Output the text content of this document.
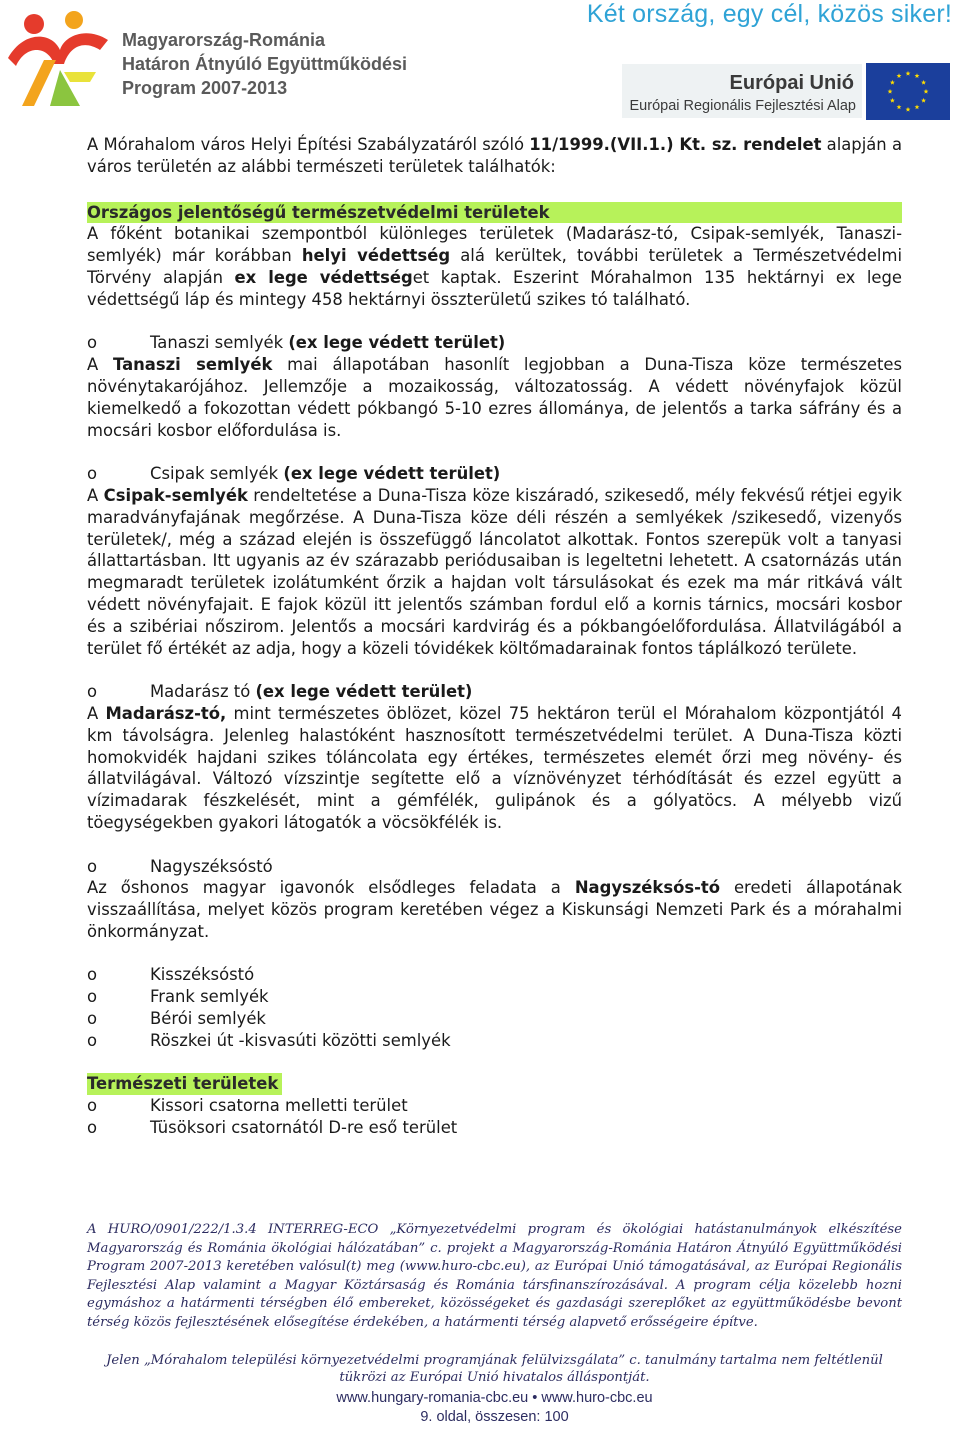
Két ország, egy cél, közös siker!
Magyarország-Románia
Határon Átnyúló Együttműködési
Program 2007-2013	Európai Unió
Európai Regionális Fejlesztési Alap

A Mórahalom város Helyi Építési Szabályzatáról szóló 11/1999.(VII.1.) Kt. sz. rendelet alapján a város területén az alábbi természeti területek találhatók:

Országos jelentőségű természetvédelmi területek

A főként botanikai szempontból különleges területek (Madarász-tó, Csipak-semlyék, Tanaszi-semlyék) már korábban helyi védettség alá kerültek, további területek a Természetvédelmi Törvény alapján ex lege védettséget kaptak. Eszerint Mórahalmon 135 hektárnyi ex lege védettségű láp és mintegy 458 hektárnyi összterületű szikes tó található.

o	Tanaszi semlyék (ex lege védett terület)

A Tanaszi semlyék mai állapotában hasonlít legjobban a Duna-Tisza köze természetes növénytakarójához. Jellemzője a mozaikosság, változatosság. A védett növényfajok közül kiemelkedő a fokozottan védett pókbangó 5-10 ezres állománya, de jelentős a tarka sáfrány és a mocsári kosbor előfordulása is.

o	Csipak semlyék (ex lege védett terület)

A Csipak-semlyék rendeltetése a Duna-Tisza köze kiszáradó, szikesedő, mély fekvésű rétjei egyik maradványfajának megőrzése. A Duna-Tisza köze déli részén a semlyékek /szikesedő, vizenyős területek/, még a század elején is összefüggő láncolatot alkottak. Fontos szerepük volt a tanyasi állattartásban. Itt ugyanis az év szárazabb periódusaiban is legeltetni lehetett. A csatornázás után megmaradt területek izolátumként őrzik a hajdan volt társulásokat és ezek ma már ritkává vált védett növényfajait. E fajok közül itt jelentős számban fordul elő a kornis tárnics, mocsári kosbor és a szibériai nőszirom. Jelentős a mocsári kardvirág és a pókbangóelőfordulása. Állatvilágából a terület fő értékét az adja, hogy a közeli tóvidékek költőmadarainak fontos táplálkozó területe.

o	Madarász tó (ex lege védett terület)

A Madarász-tó, mint természetes öblözet, közel 75 hektáron terül el Mórahalom központjától 4 km távolságra. Jelenleg halastóként hasznosított természetvédelmi terület. A Duna-Tisza közti homokvidék hajdani szikes tóláncolata egy értékes, természetes elemét őrzi meg növény- és állatvilágával. Változó vízszintje segítette elő a víznövényzet térhódítását és ezzel együtt a vízimadarak fészkelését, mint a gémfélék, gulipánok és a gólyatöcs. A mélyebb vizű töegységekben gyakori látogatók a vöcsökfélék is.

o	Nagyszéksóstó

Az őshonos magyar igavonók elsődleges feladata a Nagyszéksós-tó eredeti állapotának visszaállítása, melyet közös program keretében végez a Kiskunsági Nemzeti Park és a mórahalmi önkormányzat.

o	Kisszéksóstó
o	Frank semlyék
o	Bérói semlyék
o	Röszkei út -kisvasúti közötti semlyék
Természeti területek
o	Kissori csatorna melletti terület
o	Tüsöksori csatornától D-re eső terület
A HURO/0901/222/1.3.4 INTERREG-ECO „Környezetvédelmi program és ökológiai hatástanulmányok elkészítése Magyarország és Románia ökológiai hálózatában” c. projekt a Magyarország-Románia Határon Átnyúló Együttműködési Program 2007-2013 keretében valósul(t) meg (www.huro-cbc.eu), az Európai Unió támogatásával, az Európai Regionális Fejlesztési Alap valamint a Magyar Köztársaság és Románia társfinanszírozásával. A program célja közelebb hozni egymáshoz a határmenti térségben élő embereket, közösségeket és gazdasági szereplőket az együttműködésbe bevont térség közös fejlesztésének elősegítése érdekében, a határmenti térség alapvető erősségeire építve.
Jelen „Mórahalom települési környezetvédelmi programjának felülvizsgálata” c. tanulmány tartalma nem feltétlenül tükrözi az Európai Unió hivatalos álláspontját.
www.hungary-romania-cbc.eu • www.huro-cbc.eu
9. oldal, összesen: 100
